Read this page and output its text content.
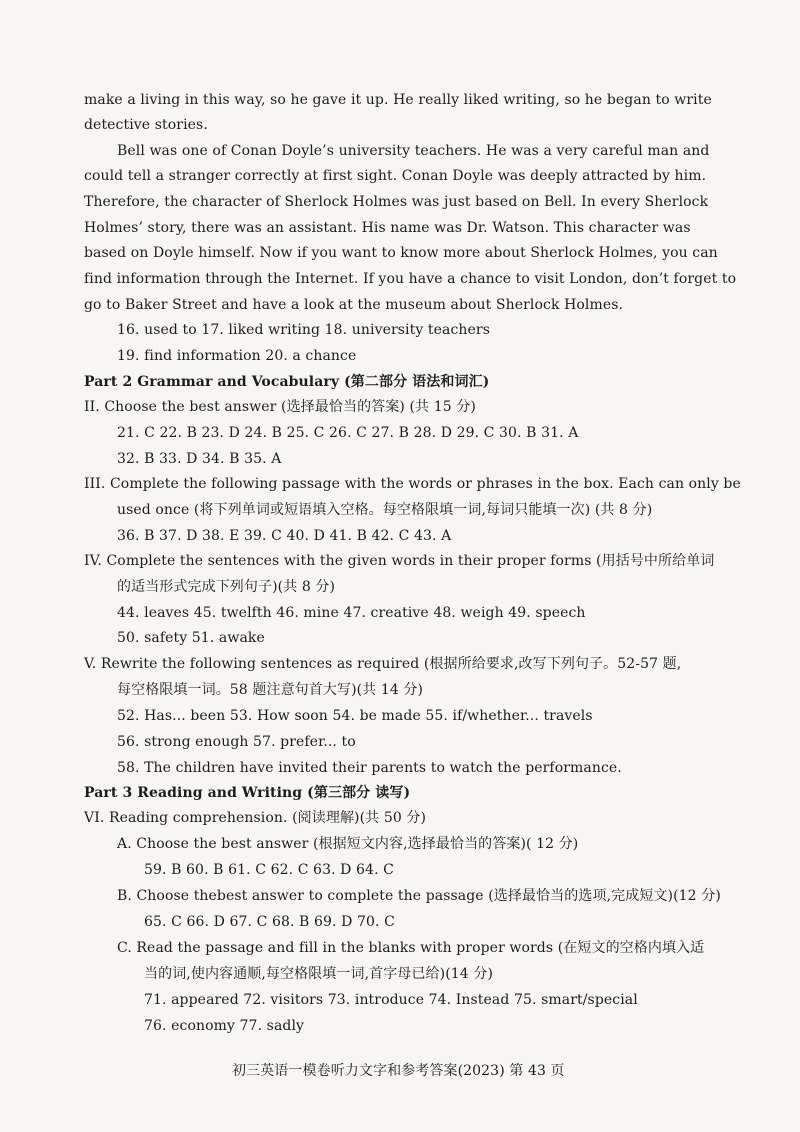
make a living in this way, so he gave it up. He really liked writing, so he began to write
detective stories.
Bell was one of Conan Doyle’s university teachers. He was a very careful man and
could tell a stranger correctly at first sight. Conan Doyle was deeply attracted by him.
Therefore, the character of Sherlock Holmes was just based on Bell. In every Sherlock
Holmes’ story, there was an assistant. His name was Dr. Watson. This character was
based on Doyle himself. Now if you want to know more about Sherlock Holmes, you can
find information through the Internet. If you have a chance to visit London, don’t forget to
go to Baker Street and have a look at the museum about Sherlock Holmes.
16. used to 17. liked writing 18. university teachers
19. find information 20. a chance
Part 2 Grammar and Vocabulary (第二部分 语法和词汇)
II. Choose the best answer (选择最恰当的答案) (共 15 分)
21. C 22. B 23. D 24. B 25. C 26. C 27. B 28. D 29. C 30. B 31. A
32. B 33. D 34. B 35. A
III. Complete the following passage with the words or phrases in the box. Each can only be
used once (将下列单词或短语填入空格。每空格限填一词,每词只能填一次) (共 8 分)
36. B 37. D 38. E 39. C 40. D 41. B 42. C 43. A
IV. Complete the sentences with the given words in their proper forms (用括号中所给单词
的适当形式完成下列句子)(共 8 分)
44. leaves 45. twelfth 46. mine 47. creative 48. weigh 49. speech
50. safety 51. awake
V. Rewrite the following sentences as required (根据所给要求,改写下列句子。52-57 题,
每空格限填一词。58 题注意句首大写)(共 14 分)
52. Has... been 53. How soon 54. be made 55. if/whether... travels
56. strong enough 57. prefer... to
58. The children have invited their parents to watch the performance.
Part 3 Reading and Writing (第三部分 读写)
VI. Reading comprehension. (阅读理解)(共 50 分)
A. Choose the best answer (根据短文内容,选择最恰当的答案)( 12 分)
59. B 60. B 61. C 62. C 63. D 64. C
B. Choose thebest answer to complete the passage (选择最恰当的选项,完成短文)(12 分)
65. C 66. D 67. C 68. B 69. D 70. C
C. Read the passage and fill in the blanks with proper words (在短文的空格内填入适
当的词,使内容通顺,每空格限填一词,首字母已给)(14 分)
71. appeared 72. visitors 73. introduce 74. Instead 75. smart/special
76. economy 77. sadly
初三英语一模卷听力文字和参考答案(2023) 第 43 页
